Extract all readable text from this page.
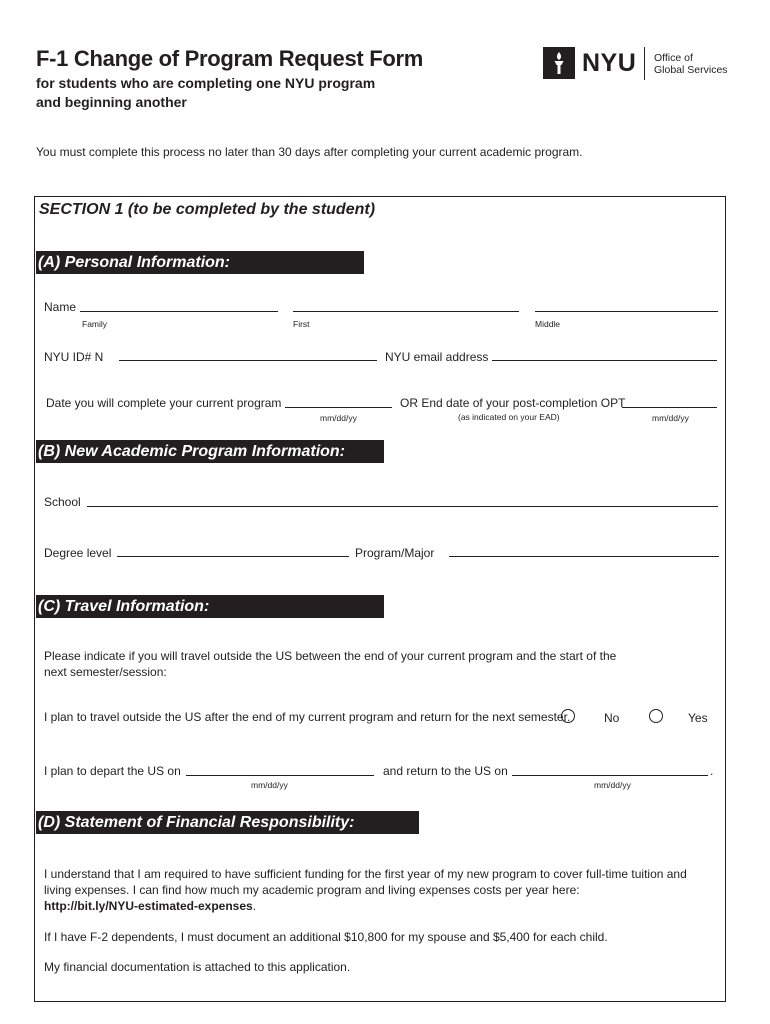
F-1 Change of Program Request Form
for students who are completing one NYU program
and beginning another
NYU Office of
Global Services
You must complete this process no later than 30 days after completing your current academic program.
SECTION 1 (to be completed by the student)
(A) Personal Information:
Name
Family	First	Middle
NYU ID# N	NYU email address
Date you will complete your current program
mm/dd/yy
OR End date of your post-completion OPT
(as indicated on your EAD)	mm/dd/yy
(B) New Academic Program Information:
School
Degree level	Program/Major
(C) Travel Information:
Please indicate if you will travel outside the US between the end of your current program and the start of the
next semester/session:
I plan to travel outside the US after the end of my current program and return for the next semester.	No	Yes
I plan to depart the US on
mm/dd/yy
and return to the US on	.
mm/dd/yy
(D) Statement of Financial Responsibility:
I understand that I am required to have sufficient funding for the first year of my new program to cover full-time tuition and
living expenses. I can find how much my academic program and living expenses costs per year here:
http://bit.ly/NYU-estimated-expenses.
If I have F-2 dependents, I must document an additional $10,800 for my spouse and $5,400 for each child.
My financial documentation is attached to this application.
